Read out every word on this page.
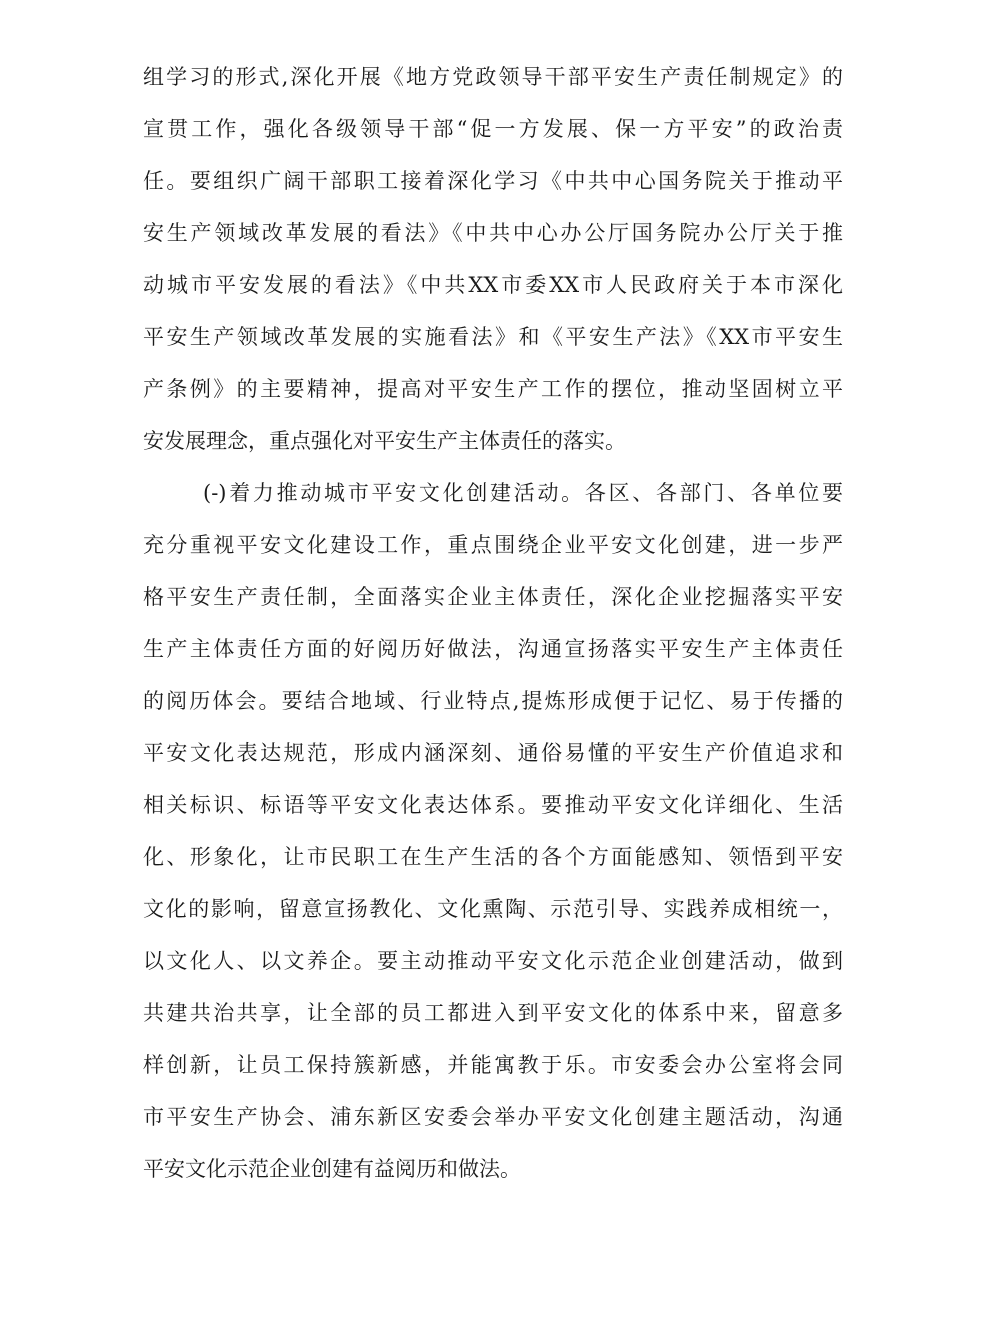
组学习的形式,深化开展《地方党政领导干部平安生产责任制规定》的
宣贯工作，强化各级领导干部“促一方发展、保一方平安”的政治责
任。要组织广阔干部职工接着深化学习《中共中心国务院关于推动平
安生产领域改革发展的看法》《中共中心办公厅国务院办公厅关于推
动城市平安发展的看法》《中共XX市委XX市人民政府关于本市深化
平安生产领域改革发展的实施看法》和《平安生产法》《XX市平安生
产条例》的主要精神，提高对平安生产工作的摆位，推动坚固树立平
安发展理念，重点强化对平安生产主体责任的落实。
(-)着力推动城市平安文化创建活动。各区、各部门、各单位要
充分重视平安文化建设工作，重点围绕企业平安文化创建，进一步严
格平安生产责任制，全面落实企业主体责任，深化企业挖掘落实平安
生产主体责任方面的好阅历好做法，沟通宣扬落实平安生产主体责任
的阅历体会。要结合地域、行业特点,提炼形成便于记忆、易于传播的
平安文化表达规范，形成内涵深刻、通俗易懂的平安生产价值追求和
相关标识、标语等平安文化表达体系。要推动平安文化详细化、生活
化、形象化，让市民职工在生产生活的各个方面能感知、领悟到平安
文化的影响，留意宣扬教化、文化熏陶、示范引导、实践养成相统一，
以文化人、以文养企。要主动推动平安文化示范企业创建活动，做到
共建共治共享，让全部的员工都进入到平安文化的体系中来，留意多
样创新，让员工保持簇新感，并能寓教于乐。市安委会办公室将会同
市平安生产协会、浦东新区安委会举办平安文化创建主题活动，沟通
平安文化示范企业创建有益阅历和做法。
